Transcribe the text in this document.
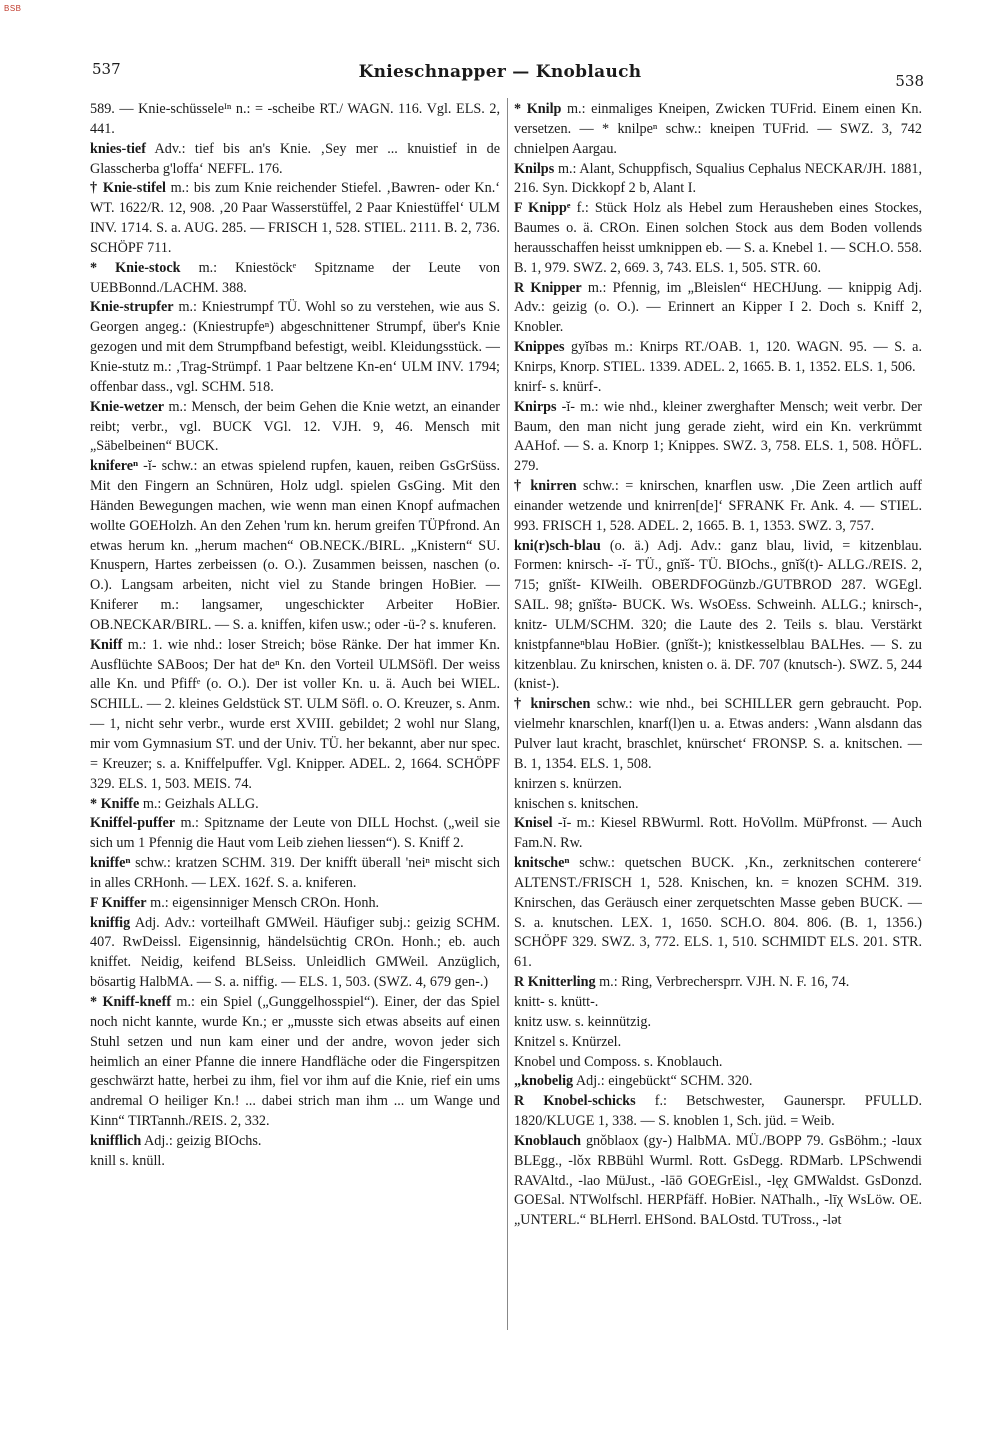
BSB
537	Knieschnapper — Knoblauch	538

589. — Knie-schüsseleᴵⁿ n.: = -scheibe RT./ WAGN. 116. Vgl. ELS. 2, 441.

knies-tief Adv.: tief bis an's Knie. ‚Sey mer ... knuistief in de Glasscherba g'loffa‘ NEFFL. 176.

† Knie-stifel m.: bis zum Knie reichender Stiefel. ‚Bawren- oder Kn.‘ WT. 1622/R. 12, 908. ‚20 Paar Wasserstüffel, 2 Paar Kniestüffel‘ ULM INV. 1714. S. a. AUG. 285. — FRISCH 1, 528. STIEL. 2111. B. 2, 736. SCHÖPF 711.

* Knie-stock m.: Kniestöckᵉ Spitzname der Leute von UEBBonnd./LACHM. 388.

Knie-strupfer m.: Kniestrumpf TÜ. Wohl so zu verstehen, wie aus S. Georgen angeg.: (Kniestrupfeⁿ) abgeschnittener Strumpf, über's Knie gezogen und mit dem Strumpfband befestigt, weibl. Kleidungsstück. — Knie-stutz m.: ‚Trag-Strümpf. 1 Paar beltzene Kn-en‘ ULM INV. 1794; offenbar dass., vgl. SCHM. 518.

Knie-wetzer m.: Mensch, der beim Gehen die Knie wetzt, an einander reibt; verbr., vgl. BUCK VGl. 12. VJH. 9, 46. Mensch mit „Säbelbeinen“ BUCK.

knifereⁿ -ĭ- schw.: an etwas spielend rupfen, kauen, reiben GsGrSüss. Mit den Fingern an Schnüren, Holz udgl. spielen GsGing. Mit den Händen Bewegungen machen, wie wenn man einen Knopf aufmachen wollte GOEHolzh. An den Zehen 'rum kn. herum greifen TÜPfrond. An etwas herum kn. „herum machen“ OB.NECK./BIRL. „Knistern“ SU. Knuspern, Hartes zerbeissen (o. O.). Zusammen beissen, naschen (o. O.). Langsam arbeiten, nicht viel zu Stande bringen HoBier. — Kniferer m.: langsamer, ungeschickter Arbeiter HoBier. OB.NECKAR/BIRL. — S. a. kniffen, kifen usw.; oder -ü-? s. knuferen.

Kniff m.: 1. wie nhd.: loser Streich; böse Ränke. Der hat immer Kn. Ausflüchte SABoos; Der hat deⁿ Kn. den Vorteil ULMSöfl. Der weiss alle Kn. und Pfiffᵉ (o. O.). Der ist voller Kn. u. ä. Auch bei WIEL. SCHILL. — 2. kleines Geldstück ST. ULM Söfl. o. O. Kreuzer, s. Anm. — 1, nicht sehr verbr., wurde erst XVIII. gebildet; 2 wohl nur Slang, mir vom Gymnasium ST. und der Univ. TÜ. her bekannt, aber nur spec. = Kreuzer; s. a. Kniffelpuffer. Vgl. Knipper. ADEL. 2, 1664. SCHÖPF 329. ELS. 1, 503. MEIS. 74.

* Kniffe m.: Geizhals ALLG.

Kniffel-puffer m.: Spitzname der Leute von DILL Hochst. („weil sie sich um 1 Pfennig die Haut vom Leib ziehen liessen“). S. Kniff 2.

kniffeⁿ schw.: kratzen SCHM. 319. Der knifft überall 'neiⁿ mischt sich in alles CRHonh. — LEX. 162f. S. a. kniferen.

F Kniffer m.: eigensinniger Mensch CROn. Honh.

kniffig Adj. Adv.: vorteilhaft GMWeil. Häufiger subj.: geizig SCHM. 407. RwDeissl. Eigensinnig, händelsüchtig CROn. Honh.; eb. auch kniffet. Neidig, keifend BLSeiss. Unleidlich GMWeil. Anzüglich, bösartig HalbMA. — S. a. niffig. — ELS. 1, 503. (SWZ. 4, 679 gen-.)

* Kniff-kneff m.: ein Spiel („Gunggelhosspiel“). Einer, der das Spiel noch nicht kannte, wurde Kn.; er „musste sich etwas abseits auf einen Stuhl setzen und nun kam einer und der andre, wovon jeder sich heimlich an einer Pfanne die innere Handfläche oder die Fingerspitzen geschwärzt hatte, herbei zu ihm, fiel vor ihm auf die Knie, rief ein ums andremal O heiliger Kn.! ... dabei strich man ihm ... um Wange und Kinn“ TIRTannh./REIS. 2, 332.

knifflich Adj.: geizig BIOchs.

knill s. knüll.

* Knilp m.: einmaliges Kneipen, Zwicken TUFrid. Einem einen Kn. versetzen. — * knilpeⁿ schw.: kneipen TUFrid. — SWZ. 3, 742 chnielpen Aargau.

Knilps m.: Alant, Schuppfisch, Squalius Cephalus NECKAR/JH. 1881, 216. Syn. Dickkopf 2 b, Alant I.

F Knippᵉ f.: Stück Holz als Hebel zum Herausheben eines Stockes, Baumes o. ä. CROn. Einen solchen Stock aus dem Boden vollends herausschaffen heisst umknippen eb. — S. a. Knebel 1. — SCH.O. 558. B. 1, 979. SWZ. 2, 669. 3, 743. ELS. 1, 505. STR. 60.

R Knipper m.: Pfennig, im „Bleislen“ HECHJung. — knippig Adj. Adv.: geizig (o. O.). — Erinnert an Kipper I 2. Doch s. Kniff 2, Knobler.

Knippes gyĭbəs m.: Knirps RT./OAB. 1, 120. WAGN. 95. — S. a. Knirps, Knorp. STIEL. 1339. ADEL. 2, 1665. B. 1, 1352. ELS. 1, 506.

knirf- s. knürf-.

Knirps -ĭ- m.: wie nhd., kleiner zwerghafter Mensch; weit verbr. Der Baum, den man nicht jung gerade zieht, wird ein Kn. verkrümmt AAHof. — S. a. Knorp 1; Knippes. SWZ. 3, 758. ELS. 1, 508. HÖFL. 279.

† knirren schw.: = knirschen, knarflen usw. ‚Die Zeen artlich auff einander wetzende und knirren[de]‘ SFRANK Fr. Ank. 4. — STIEL. 993. FRISCH 1, 528. ADEL. 2, 1665. B. 1, 1353. SWZ. 3, 757.

kni(r)sch-blau (o. ä.) Adj. Adv.: ganz blau, livid, = kitzenblau. Formen: knirsch- -ĭ- TÜ., gnĭš- TÜ. BIOchs., gnĭš(t)- ALLG./REIS. 2, 715; gnĭšt- KIWeilh. OBERDFOGünzb./GUTBROD 287. WGEgl. SAIL. 98; gnĭštə- BUCK. Ws. WsOEss. Schweinh. ALLG.; knirsch-, knitz- ULM/SCHM. 320; die Laute des 2. Teils s. blau. Verstärkt knistpfanneⁿblau HoBier. (gnĭšt-); knistkesselblau BALHes. — S. zu kitzenblau. Zu knirschen, knisten o. ä. DF. 707 (knutsch-). SWZ. 5, 244 (knist-).

† knirschen schw.: wie nhd., bei SCHILLER gern gebraucht. Pop. vielmehr knarschlen, knarf(l)en u. a. Etwas anders: ‚Wann alsdann das Pulver laut kracht, braschlet, knürschet‘ FRONSP. S. a. knitschen. — B. 1, 1354. ELS. 1, 508.

knirzen s. knürzen.

knischen s. knitschen.

Knisel -ĭ- m.: Kiesel RBWurml. Rott. HoVollm. MüPfronst. — Auch Fam.N. Rw.

knitscheⁿ schw.: quetschen BUCK. ‚Kn., zerknitschen conterere‘ ALTENST./FRISCH 1, 528. Knischen, kn. = knozen SCHM. 319. Knirschen, das Geräusch einer zerquetschten Masse geben BUCK. — S. a. knutschen. LEX. 1, 1650. SCH.O. 804. 806. (B. 1, 1356.) SCHÖPF 329. SWZ. 3, 772. ELS. 1, 510. SCHMIDT ELS. 201. STR. 61.

R Knitterling m.: Ring, Verbrechersprr. VJH. N. F. 16, 74.

knitt- s. knütt-.

knitz usw. s. keinnützig.

Knitzel s. Knürzel.

Knobel und Composs. s. Knoblauch.

„knobelig Adj.: eingebückt“ SCHM. 320.

R Knobel-schicks f.: Betschwester, Gaunerspr. PFULLD. 1820/KLUGE 1, 338. — S. knoblen 1, Sch. jüd. = Weib.

Knoblauch gnǒblaox (gy-) HalbMA. MÜ./BOPP 79. GsBöhm.; -lɑux BLEgg., -lǒx RBBühl Wurml. Rott. GsDegg. RDMarb. LPSchwendi RAVAltd., -lao MüJust., -lāō GOEGrEisl., -lęχ GMWaldst. GsDonzd. GOESal. NTWolfschl. HERPfäff. HoBier. NAThalh., -līχ WsLöw. OE. „UNTERL.“ BLHerrl. EHSond. BALOstd. TUTross., -lət
